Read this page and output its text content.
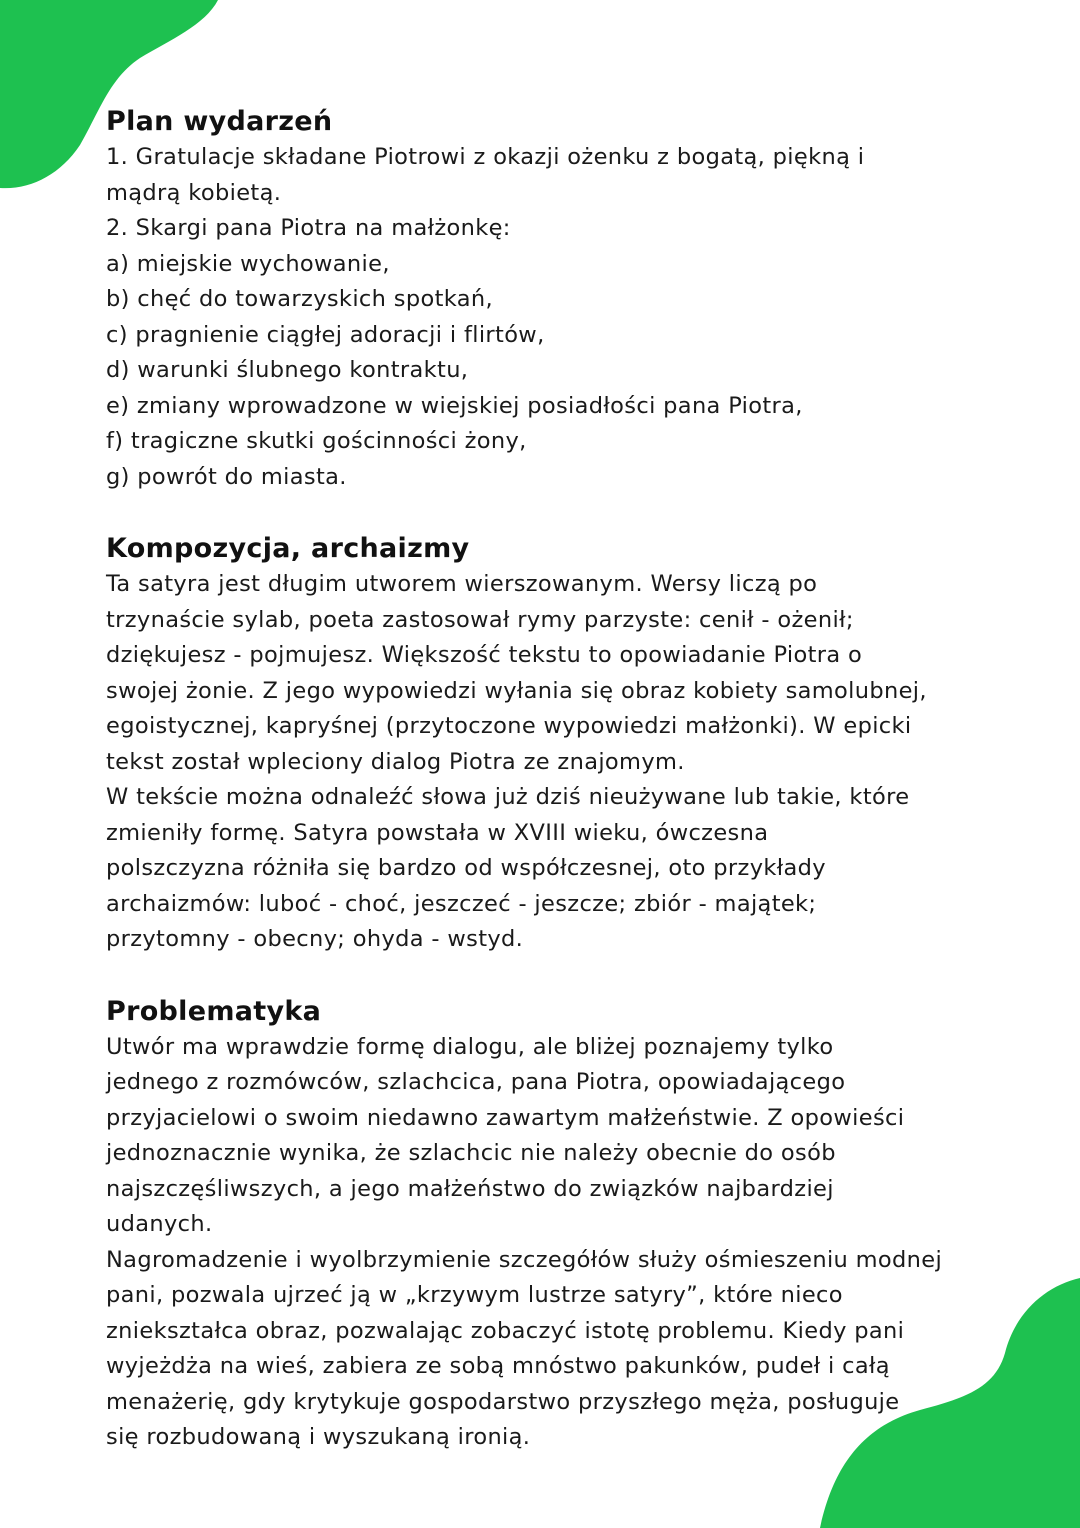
Plan wydarzeń

1. Gratulacje składane Piotrowi z okazji ożenku z bogatą, piękną i

mądrą kobietą.

2. Skargi pana Piotra na małżonkę:

a) miejskie wychowanie,

b) chęć do towarzyskich spotkań,

c) pragnienie ciągłej adoracji i flirtów,

d) warunki ślubnego kontraktu,

e) zmiany wprowadzone w wiejskiej posiadłości pana Piotra,

f) tragiczne skutki gościnności żony,

g) powrót do miasta.

Kompozycja, archaizmy

Ta satyra jest długim utworem wierszowanym. Wersy liczą po

trzynaście sylab, poeta zastosował rymy parzyste: cenił - ożenił;

dziękujesz - pojmujesz. Większość tekstu to opowiadanie Piotra o

swojej żonie. Z jego wypowiedzi wyłania się obraz kobiety samolubnej,

egoistycznej, kapryśnej (przytoczone wypowiedzi małżonki). W epicki

tekst został wpleciony dialog Piotra ze znajomym.

W tekście można odnaleźć słowa już dziś nieużywane lub takie, które

zmieniły formę. Satyra powstała w XVIII wieku, ówczesna

polszczyzna różniła się bardzo od współczesnej, oto przykłady

archaizmów: luboć - choć, jeszczeć - jeszcze; zbiór - majątek;

przytomny - obecny; ohyda - wstyd.

Problematyka

Utwór ma wprawdzie formę dialogu, ale bliżej poznajemy tylko

jednego z rozmówców, szlachcica, pana Piotra, opowiadającego

przyjacielowi o swoim niedawno zawartym małżeństwie. Z opowieści

jednoznacznie wynika, że szlachcic nie należy obecnie do osób

najszczęśliwszych, a jego małżeństwo do związków najbardziej

udanych.

Nagromadzenie i wyolbrzymienie szczegółów służy ośmieszeniu modnej

pani, pozwala ujrzeć ją w „krzywym lustrze satyry”, które nieco

zniekształca obraz, pozwalając zobaczyć istotę problemu. Kiedy pani

wyjeżdża na wieś, zabiera ze sobą mnóstwo pakunków, pudeł i całą

menażerię, gdy krytykuje gospodarstwo przyszłego męża, posługuje

się rozbudowaną i wyszukaną ironią.
